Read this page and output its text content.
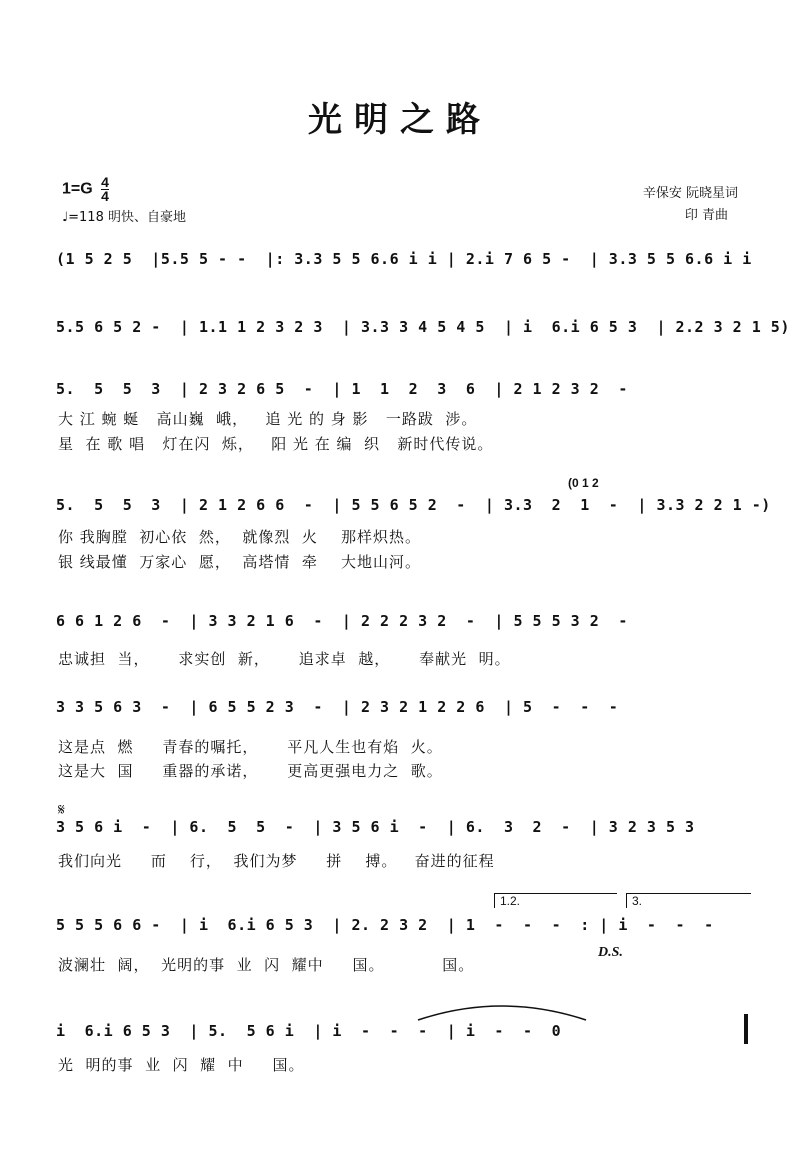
光明之路
$1=G \frac{4}{4}$
♩=118 明快、自豪地
辛保安 阮晓星词
印 青曲
(1 5 2 5  |5.5 5 - -  |: 3.3 5 5 6.6 i i | 2.i 7 6 5 -  | 3.3 5 5 6.6 i i
5.5 6 5 2 -  | 1.1 1 2 3 2 3  | 3.3 3 4 5 4 5  | i  6.i 6 5 3  | 2.2 3 2 1 5)
5.  5  5  3  | 2 3 2 6 5  -  | 1  1  2  3  6  | 2 1 2 3 2  -
大 江 蜿 蜒   高山巍  峨，   追 光 的 身 影   一路跋  涉。
星  在 歌 唱   灯在闪  烁，   阳 光 在 编  织   新时代传说。
(0 1 2
5.  5  5  3  | 2 1 2 6 6  -  | 5 5 6 5 2  -  | 3.3  2  1  -  | 3.3 2 2 1 -)
你 我胸膛  初心依  然，  就像烈  火    那样炽热。
银 线最懂  万家心  愿，  高塔情  牵    大地山河。
6 6 1 2 6  -  | 3 3 2 1 6  -  | 2 2 2 3 2  -  | 5 5 5 3 2  -
忠诚担  当，     求实创  新，     追求卓  越，     奉献光  明。
3 3 5 6 3  -  | 6 5 5 2 3  -  | 2 3 2 1 2 2 6  | 5  -  -  -
这是点  燃     青春的嘱托，     平凡人生也有焰  火。
这是大  国     重器的承诺，     更高更强电力之  歌。
𝄋
3 5 6 i  -  | 6.  5  5  -  | 3 5 6 i  -  | 6.  3  2  -  | 3 2 3 5 3
我们向光     而    行，  我们为梦     拼    搏。   奋进的征程
1.2.	3.
5 5 5 6 6 -  | i  6.i 6 5 3  | 2. 2 3 2  | 1  -  -  -  : | i  -  -  -
D.S.
波澜壮  阔，  光明的事  业  闪  耀中     国。          国。
i  6.i 6 5 3  | 5.  5 6 i  | i  -  -  -  | i  -  -  0
光  明的事  业  闪  耀  中     国。
